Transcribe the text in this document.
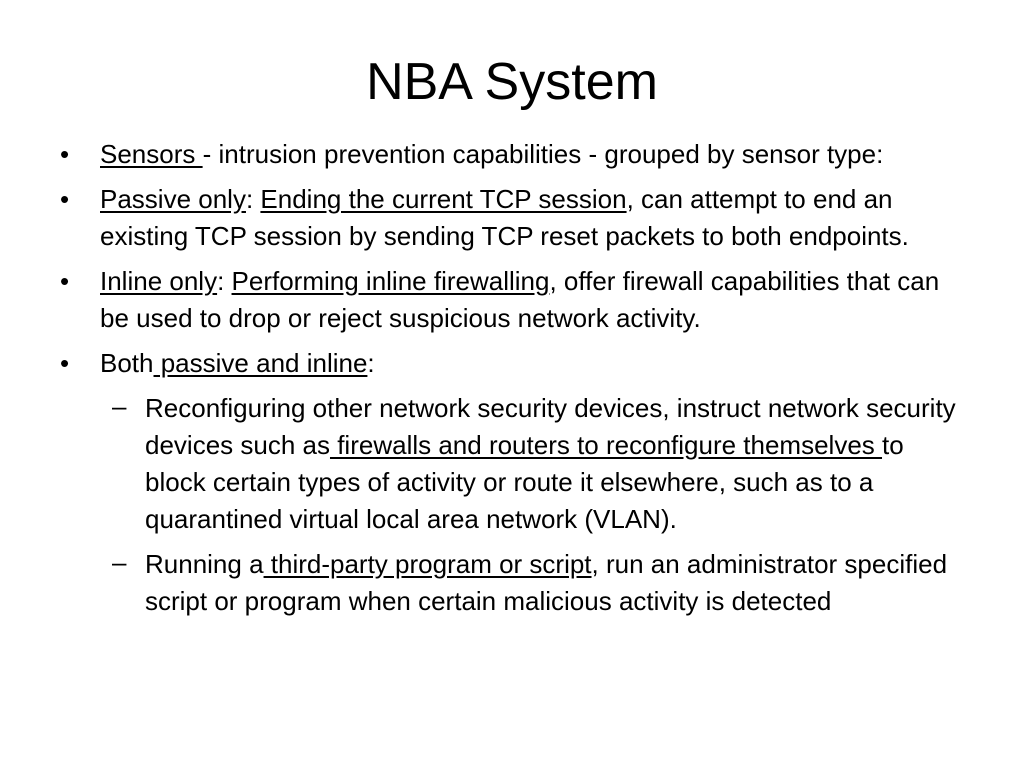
NBA System
•	Sensors - intrusion prevention capabilities - grouped by sensor type:
•	Passive only: Ending the current TCP session, can attempt to end an existing TCP session by sending TCP reset packets to both endpoints.
•	Inline only: Performing inline firewalling, offer firewall capabilities that can be used to drop or reject suspicious network activity.
•	Both passive and inline:
– Reconfiguring other network security devices, instruct network security devices such as firewalls and routers to reconfigure themselves to block certain types of activity or route it elsewhere, such as to a quarantined virtual local area network (VLAN).
– Running a third-party program or script, run an administrator specified script or program when certain malicious activity is detected
